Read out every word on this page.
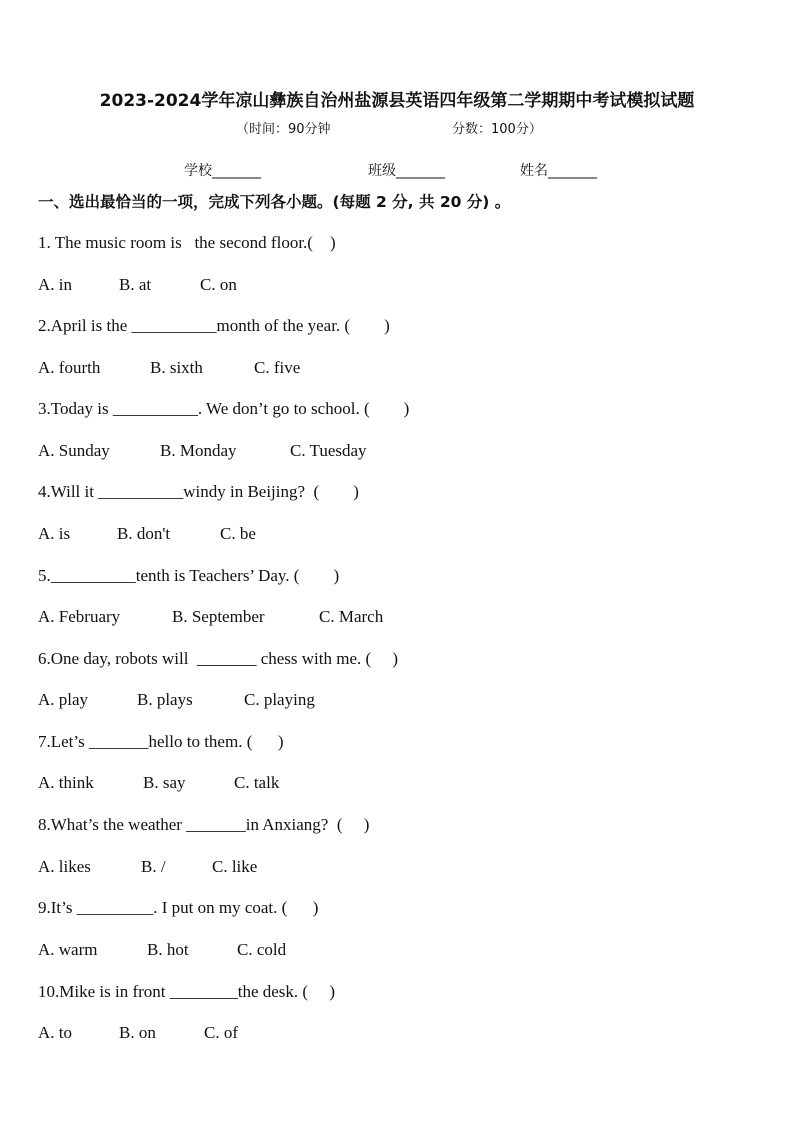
2023-2024学年凉山彝族自治州盐源县英语四年级第二学期期中考试模拟试题
（时间：90分钟	分数：100分）
学校_______	班级_______	姓名_______
一、选出最恰当的一项，完成下列各小题。(每题 2 分, 共 20 分) 。
1. The music room is   the second floor.(    )
A. in	B. at	C. on
2.April is the __________month of the year. (        )
A. fourth	B. sixth	C. five
3.Today is __________. We don’t go to school. (        )
A. Sunday	B. Monday	C. Tuesday
4.Will it __________windy in Beijing?  (        )
A. is	B. don't	C. be
5.__________tenth is Teachers’ Day. (        )
A. February	B. September	C. March
6.One day, robots will  _______ chess with me. (     )
A. play	B. plays	C. playing
7.Let’s _______hello to them. (      )
A. think	B. say	C. talk
8.What’s the weather _______in Anxiang?  (     )
A. likes	B. /	C. like
9.It’s _________. I put on my coat. (      )
A. warm	B. hot	C. cold
10.Mike is in front ________the desk. (     )
A. to	B. on	C. of
